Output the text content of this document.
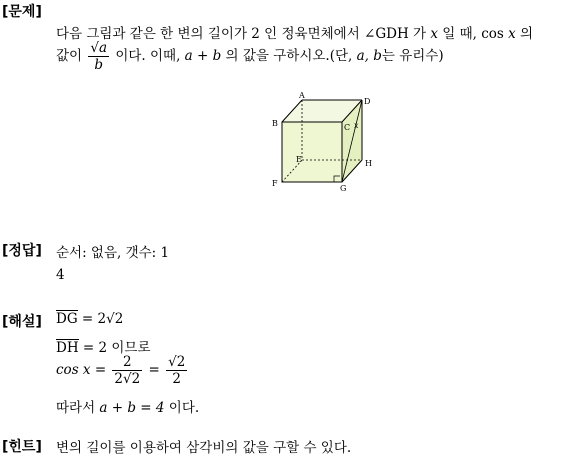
[문제]
다음 그림과 같은 한 변의 길이가 2 인 정육면체에서 ∠GDH 가 x 일 때, cos x 의
값이 $\frac{√a}{b}$ 이다. 이때, a + b 의 값을 구하시오.(단, a, b는 유리수)
A
D
B	C x
E	H
F
G
[정답] 순서: 없음, 갯수: 1
4
[해설] DG = 2√2
DH = 2 이므로
$\cos x = \frac{2}{2√2} = \frac{√2}{2}$
따라서 a + b = 4 이다.
[힌트] 변의 길이를 이용하여 삼각비의 값을 구할 수 있다.
